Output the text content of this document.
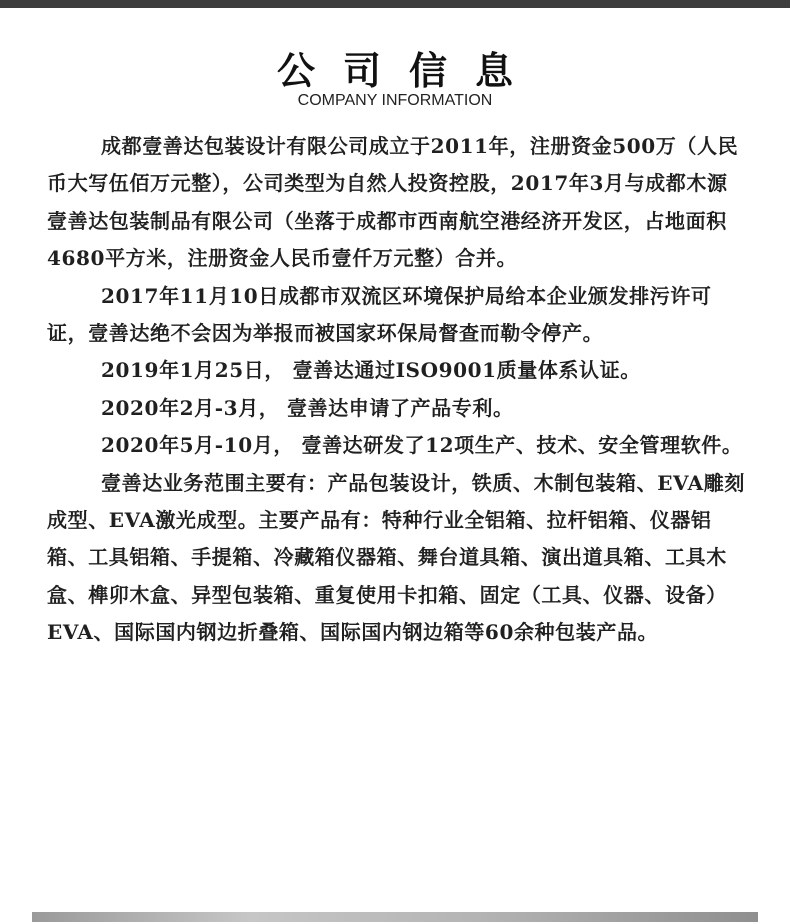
公司信息
COMPANY INFORMATION

成都壹善达包装设计有限公司成立于2011年，注册资金500万（人民币大写伍佰万元整），公司类型为自然人投资控股，2017年3月与成都木源壹善达包装制品有限公司（坐落于成都市西南航空港经济开发区，占地面积4680平方米，注册资金人民币壹仟万元整）合并。

2017年11月10日成都市双流区环境保护局给本企业颁发排污许可证，壹善达绝不会因为举报而被国家环保局督查而勒令停产。

2019年1月25日， 壹善达通过ISO9001质量体系认证。

2020年2月-3月， 壹善达申请了产品专利。

2020年5月-10月， 壹善达研发了12项生产、技术、安全管理软件。

壹善达业务范围主要有：产品包装设计，铁质、木制包装箱、EVA雕刻成型、EVA激光成型。主要产品有：特种行业全铝箱、拉杆铝箱、仪器铝箱、工具铝箱、手提箱、冷藏箱仪器箱、舞台道具箱、演出道具箱、工具木盒、榫卯木盒、异型包装箱、重复使用卡扣箱、固定（工具、仪器、设备）EVA、国际国内钢边折叠箱、国际国内钢边箱等60余种包装产品。
